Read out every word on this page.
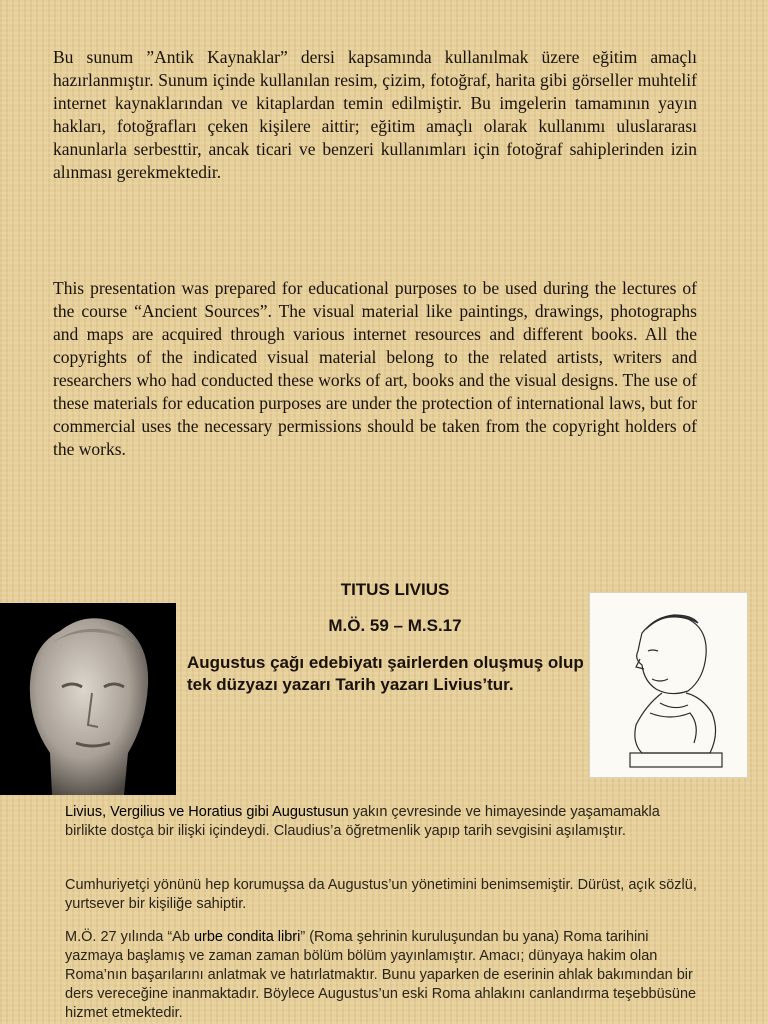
Bu sunum ”Antik Kaynaklar” dersi kapsamında kullanılmak üzere eğitim amaçlı hazırlanmıştır. Sunum içinde kullanılan resim, çizim, fotoğraf, harita gibi görseller muhtelif internet kaynaklarından ve kitaplardan temin edilmiştir. Bu imgelerin tamamının yayın hakları, fotoğrafları çeken kişilere aittir; eğitim amaçlı olarak kullanımı uluslararası kanunlarla serbesttir, ancak ticari ve benzeri kullanımları için fotoğraf sahiplerinden izin alınması gerekmektedir.
This presentation was prepared for educational purposes to be used during the lectures of the course “Ancient Sources”. The visual material like paintings, drawings, photographs and maps are acquired through various internet resources and different books. All the copyrights of the indicated visual material belong to the related artists, writers and researchers who had conducted these works of art, books and the visual designs. The use of these materials for education purposes are under the protection of international laws, but for commercial uses the necessary permissions should be taken from the copyright holders of the works.
TITUS LIVIUS
M.Ö. 59 – M.S.17
Augustus çağı edebiyatı şairlerden oluşmuş olup tek düzyazı yazarı Tarih yazarı Livius’tur.
Livius, Vergilius ve Horatius gibi Augustusun yakın çevresinde ve himayesinde yaşamamakla birlikte dostça bir ilişki içindeydi. Claudius’a öğretmenlik yapıp tarih sevgisini aşılamıştır.
Cumhuriyetçi yönünü hep korumuşsa da Augustus’un yönetimini benimsemiştir. Dürüst, açık sözlü, yurtsever bir kişiliğe sahiptir.
M.Ö. 27 yılında “Ab urbe condita libri” (Roma şehrinin kuruluşundan bu yana) Roma tarihini yazmaya başlamış ve zaman zaman bölüm bölüm yayınlamıştır. Amacı; dünyaya hakim olan Roma’nın başarılarını anlatmak ve hatırlatmaktır. Bunu yaparken de eserinin ahlak bakımından bir ders vereceğine inanmaktadır. Böylece Augustus’un eski Roma ahlakını canlandırma teşebbüsüne hizmet etmektedir.
